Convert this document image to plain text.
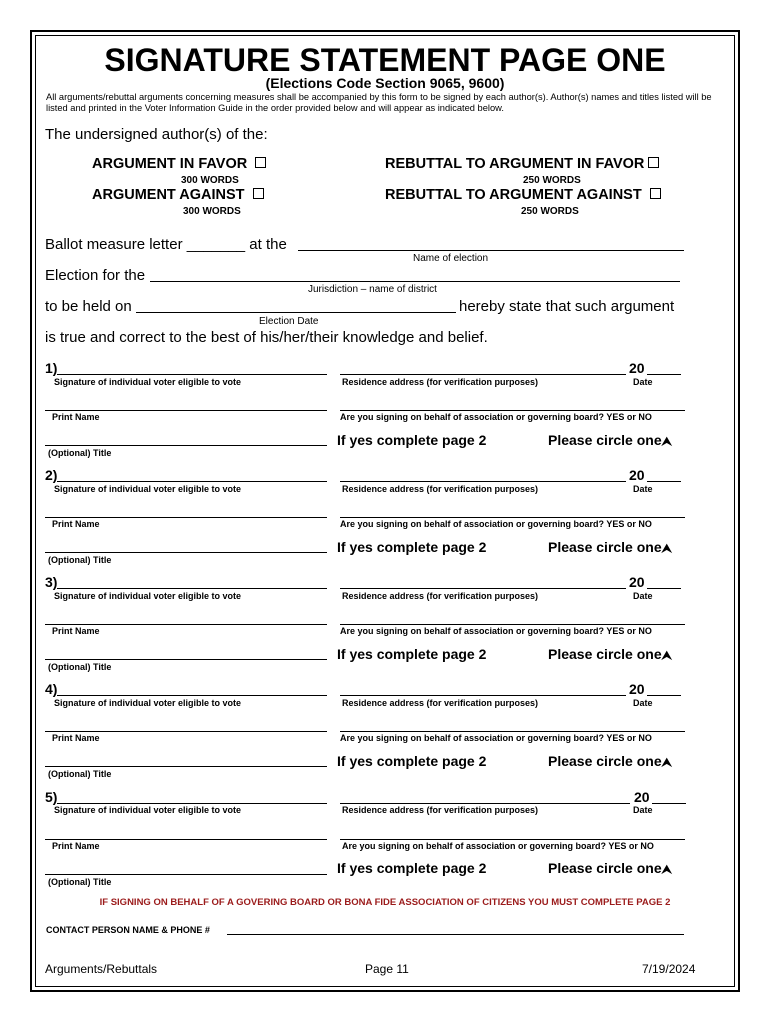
SIGNATURE STATEMENT PAGE ONE
(Elections Code Section 9065, 9600)
All arguments/rebuttal arguments concerning measures shall be accompanied by this form to be signed by each author(s). Author(s) names and titles listed will be listed and printed in the Voter Information Guide in the order provided below and will appear as indicated below.
The undersigned author(s) of the:
ARGUMENT IN FAVOR
300 WORDS
ARGUMENT AGAINST
300 WORDS
REBUTTAL TO ARGUMENT IN FAVOR
250 WORDS
REBUTTAL TO ARGUMENT AGAINST
250 WORDS
Ballot measure letter _______ at the
Name of election
Election for the
Jurisdiction – name of district
to be held on	hereby state that such argument
Election Date
is true and correct to the best of his/her/their knowledge and belief.
1)
Signature of individual voter eligible to vote	Residence address (for verification purposes)
20
Date
Print Name	Are you signing on behalf of association or governing board? YES or NO
If yes complete page 2	Please circle one⮝
(Optional) Title
2)
Signature of individual voter eligible to vote	Residence address (for verification purposes)
20
Date
Print Name	Are you signing on behalf of association or governing board? YES or NO
If yes complete page 2	Please circle one⮝
(Optional) Title
3)
Signature of individual voter eligible to vote	Residence address (for verification purposes)
20
Date
Print Name	Are you signing on behalf of association or governing board? YES or NO
If yes complete page 2	Please circle one⮝
(Optional) Title
4)
Signature of individual voter eligible to vote	Residence address (for verification purposes)
20
Date
Print Name	Are you signing on behalf of association or governing board? YES or NO
If yes complete page 2	Please circle one⮝
(Optional) Title
5)
Signature of individual voter eligible to vote	Residence address (for verification purposes)
20
Date
Print Name	Are you signing on behalf of association or governing board? YES or NO
If yes complete page 2	Please circle one⮝
(Optional) Title
IF SIGNING ON BEHALF OF A GOVERING BOARD OR BONA FIDE ASSOCIATION OF CITIZENS YOU MUST COMPLETE PAGE 2
CONTACT PERSON NAME & PHONE #
Arguments/Rebuttals	Page 11	7/19/2024
